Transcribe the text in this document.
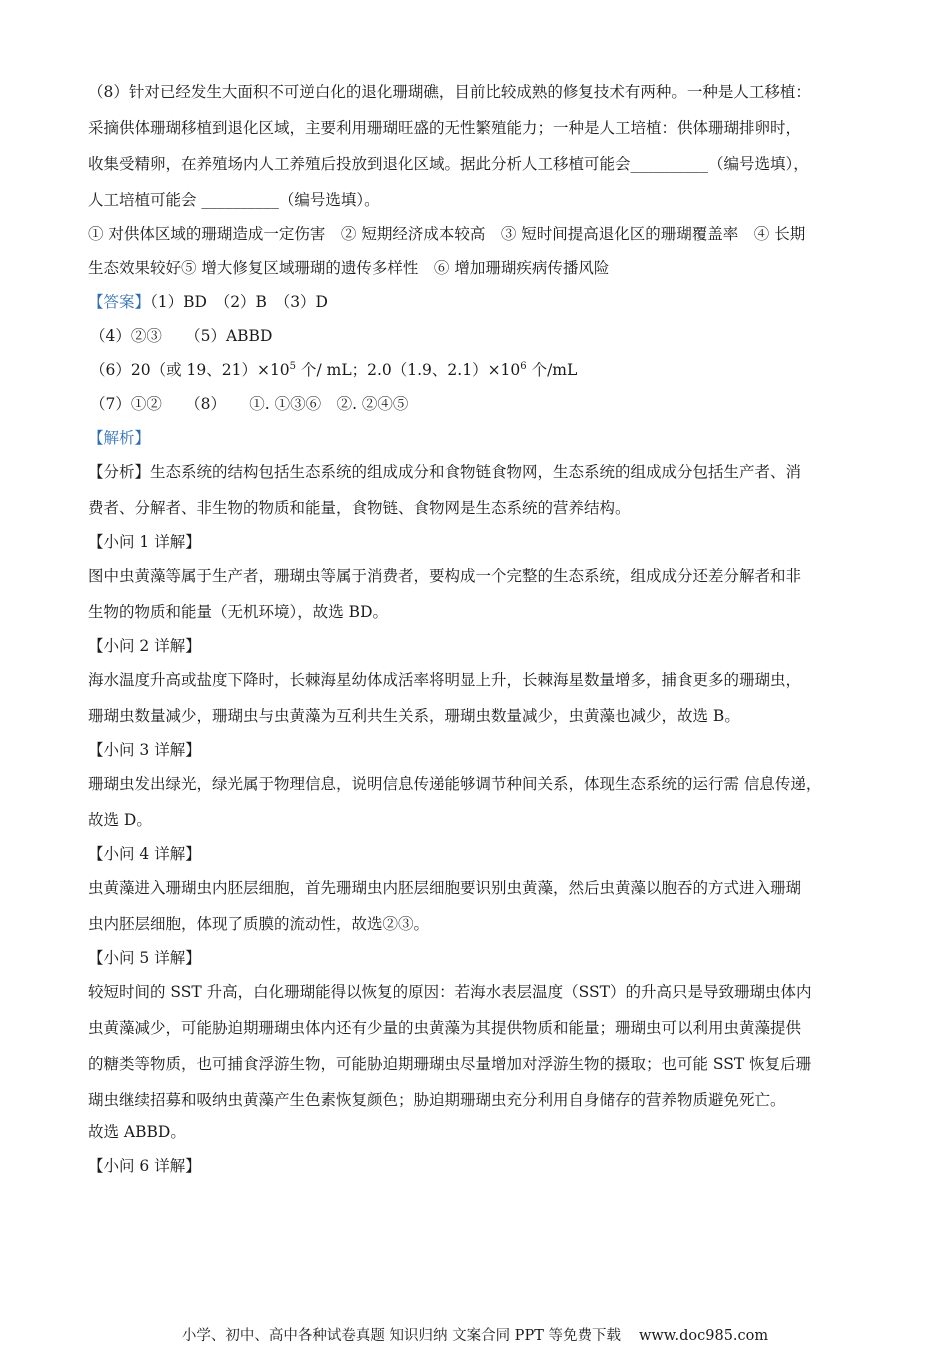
（8）针对已经发生大面积不可逆白化的退化珊瑚礁，目前比较成熟的修复技术有两种。一种是人工移植：
采摘供体珊瑚移植到退化区域，主要利用珊瑚旺盛的无性繁殖能力；一种是人工培植：供体珊瑚排卵时，
收集受精卵，在养殖场内人工养殖后投放到退化区域。据此分析人工移植可能会__________（编号选填），
人工培植可能会 __________（编号选填）。
① 对供体区域的珊瑚造成一定伤害　② 短期经济成本较高　③ 短时间提高退化区的珊瑚覆盖率　④ 长期
生态效果较好⑤ 增大修复区域珊瑚的遗传多样性　⑥ 增加珊瑚疾病传播风险
【答案】（1）BD　（2）B　（3）D
（4）②③　　（5）ABBD
（6）20（或 19、$21)\times 10^5$ 个/ mL；2.0（1.9、$2.1)\times 10^6$ 个/mL
（7）①②　　（8）　　①. ①③⑥　②. ②④⑤
【解析】
【分析】生态系统的结构包括生态系统的组成成分和食物链食物网，生态系统的组成成分包括生产者、消
费者、分解者、非生物的物质和能量，食物链、食物网是生态系统的营养结构。
【小问 1 详解】
图中虫黄藻等属于生产者，珊瑚虫等属于消费者，要构成一个完整的生态系统，组成成分还差分解者和非
生物的物质和能量（无机环境），故选 BD。
【小问 2 详解】
海水温度升高或盐度下降时，长棘海星幼体成活率将明显上升，长棘海星数量增多，捕食更多的珊瑚虫，
珊瑚虫数量减少，珊瑚虫与虫黄藻为互利共生关系，珊瑚虫数量减少，虫黄藻也减少，故选 B。
【小问 3 详解】
珊瑚虫发出绿光，绿光属于物理信息，说明信息传递能够调节种间关系，体现生态系统的运行需 信息传递，
故选 D。
【小问 4 详解】
虫黄藻进入珊瑚虫内胚层细胞，首先珊瑚虫内胚层细胞要识别虫黄藻，然后虫黄藻以胞吞的方式进入珊瑚
虫内胚层细胞，体现了质膜的流动性，故选②③。
【小问 5 详解】
较短时间的 SST 升高，白化珊瑚能得以恢复的原因：若海水表层温度（SST）的升高只是导致珊瑚虫体内
虫黄藻减少，可能胁迫期珊瑚虫体内还有少量的虫黄藻为其提供物质和能量；珊瑚虫可以利用虫黄藻提供
的糖类等物质，也可捕食浮游生物，可能胁迫期珊瑚虫尽量增加对浮游生物的摄取；也可能 SST 恢复后珊
瑚虫继续招募和吸纳虫黄藻产生色素恢复颜色；胁迫期珊瑚虫充分利用自身储存的营养物质避免死亡。
故选 ABBD。
【小问 6 详解】
小学、初中、高中各种试卷真题 知识归纳 文案合同 PPT 等免费下载 www.doc985.com
